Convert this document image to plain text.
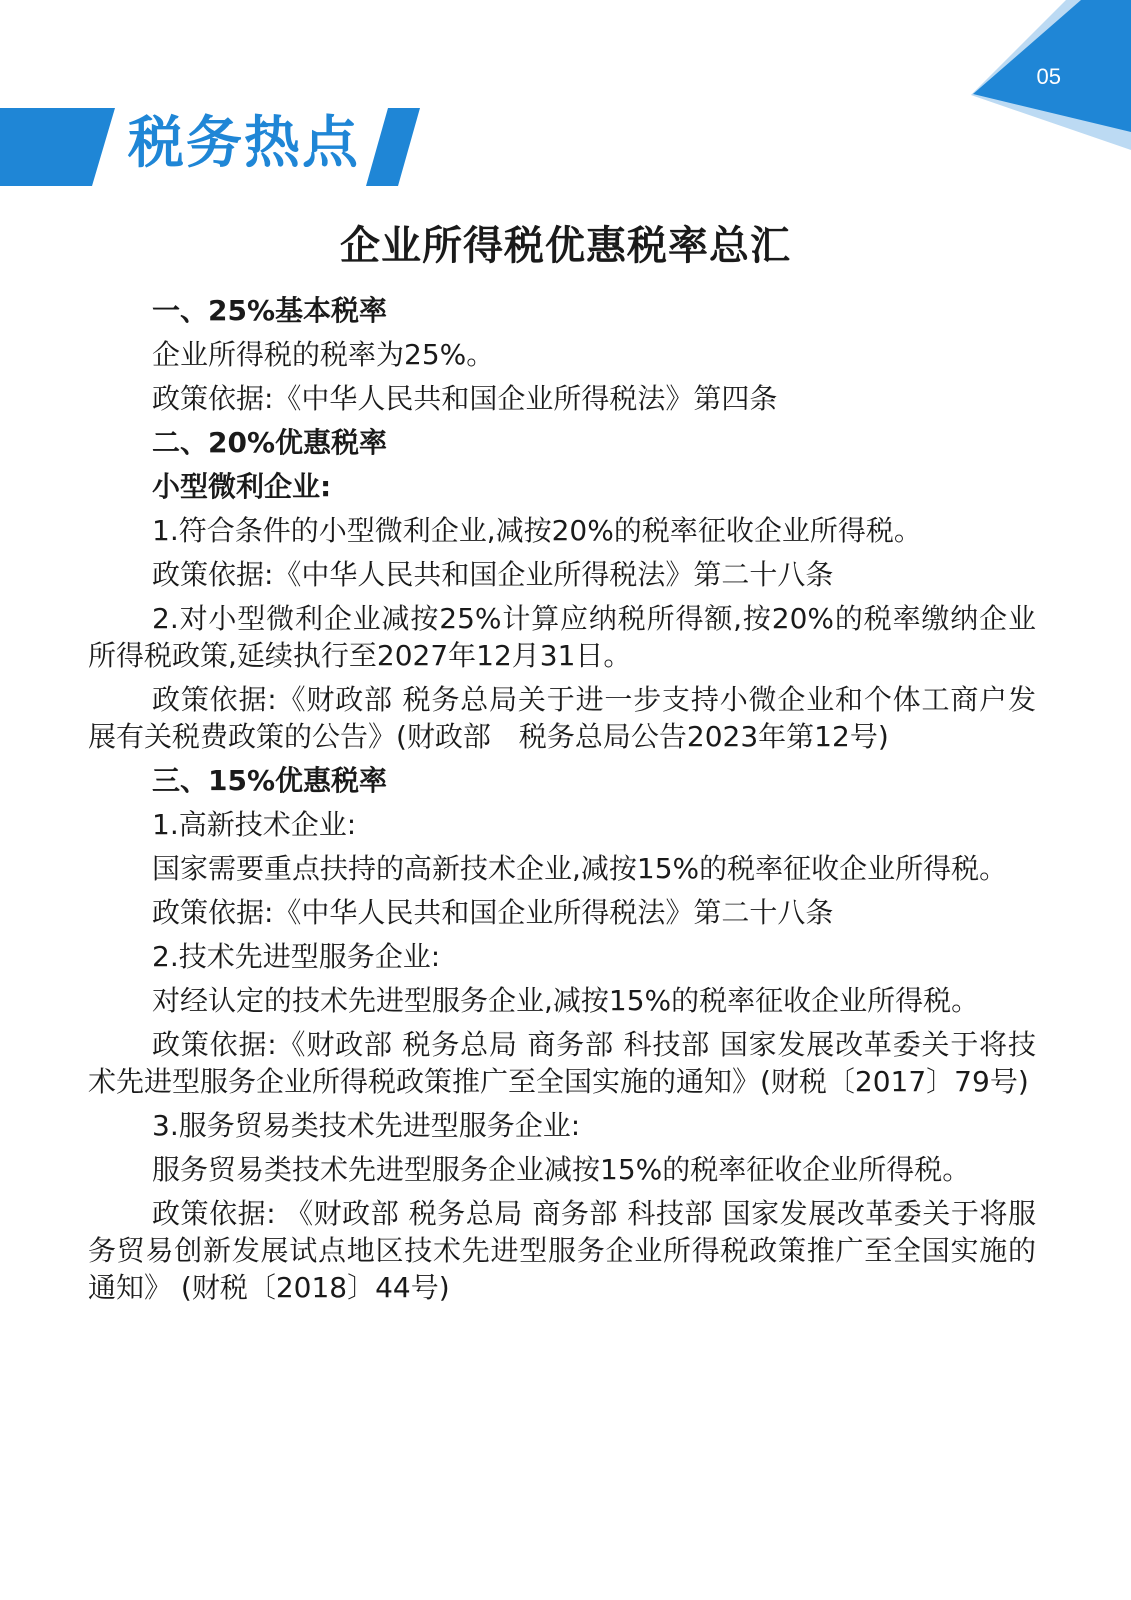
05
税务热点
企业所得税优惠税率总汇

一、25%基本税率

企业所得税的税率为25%。

政策依据:《中华人民共和国企业所得税法》第四条

二、20%优惠税率

小型微利企业:

1.符合条件的小型微利企业,减按20%的税率征收企业所得税。

政策依据:《中华人民共和国企业所得税法》第二十八条

2.对小型微利企业减按25%计算应纳税所得额,按20%的税率缴纳企业所得税政策,延续执行至2027年12月31日。

政策依据:《财政部 税务总局关于进一步支持小微企业和个体工商户发展有关税费政策的公告》(财政部　税务总局公告2023年第12号)

三、15%优惠税率

1.高新技术企业:

国家需要重点扶持的高新技术企业,减按15%的税率征收企业所得税。

政策依据:《中华人民共和国企业所得税法》第二十八条

2.技术先进型服务企业:

对经认定的技术先进型服务企业,减按15%的税率征收企业所得税。

政策依据:《财政部 税务总局 商务部 科技部 国家发展改革委关于将技术先进型服务企业所得税政策推广至全国实施的通知》(财税〔2017〕79号)

3.服务贸易类技术先进型服务企业:

服务贸易类技术先进型服务企业减按15%的税率征收企业所得税。

政策依据: 《财政部 税务总局 商务部 科技部 国家发展改革委关于将服务贸易创新发展试点地区技术先进型服务企业所得税政策推广至全国实施的通知》 (财税〔2018〕44号)
